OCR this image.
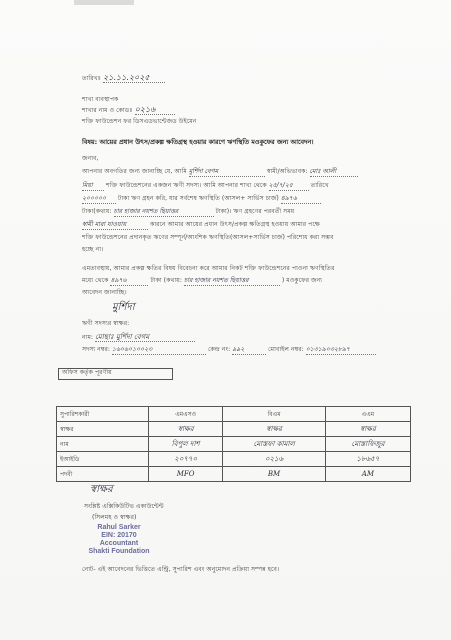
তারিখঃ ২১.১১.২০২৫
শাখা ব্যবস্থাপক
শাখার নাম ও কোডঃ ০২১৬
শক্তি ফাউন্ডেশন ফর ডিসএডভান্টেজড উইমেন
বিষয়: আয়ের প্রধান উৎস/প্রকল্প ক্ষতিগ্রস্থ হওয়ার কারণে ঋণস্থিতি মওকুফের জন্য আবেদন।
জনাব,
আপনার অবগতির জন্য জানাচ্ছি যে, আমি মুর্শিদা বেগম	স্বামী/অভিভাবক: মোঃ আলী
মিয়া শক্তি ফাউন্ডেশনের একজন ঋণী সদস্য। আমি আপনার শাখা থেকে ২৫/৭/২৫	তারিখে
২০০০০০ টাকা ঋণ গ্রহন করি, যার সর্বশেষ ঋণস্থিতি (আসল+ সার্ভিস চার্জ) ৪৯৭৬
টাকা(কথায়: চার হাজার নয়শত ছিয়াত্তর	টাকা)। ঋণ গ্রহণের পরবর্তী সময়
স্বামী মারা যাওয়ায়	কারনে আমার আয়ের প্রধান উৎস/প্রকল্প ক্ষতিগ্রস্থ হওয়ায় আমার পক্ষে
শক্তি ফাউন্ডেশনের প্রদানকৃত ঋণের সম্পূর্ন/আংশিক ঋণস্থিতি(আসল+সার্ভিস চার্জ) পরিশোধ করা সম্ভব
হচ্ছে না।
এমতাবস্থায়, আমার প্রকল্প ক্ষতির বিষয় বিবেচনা করে আমার নিকট শক্তি ফাউন্ডেশনের পাওনা ঋণস্থিতির
মধ্যে থেকে ৪৯৭৬	টাকা (কথায়: চার হাজার নয়শত ছিয়াত্তর	) মওকুফের জন্য
আবেদন জানাচ্ছি।
মুর্শিদা
ঋণী সদস্যর স্বাক্ষর:
নাম: মোছাঃ মুর্শিদা বেগম
সদস্য নম্বর: ১৬০৬০১০০২৩	কেন্দ্র নং: ৯৯২	মোবাইল নম্বর: ০১৩১৯০৩২৮৯৭
অফিস কর্তৃক পূরণীয়
সুপারিশকারী	এমএসও	বিএম	এএম
স্বাক্ষর	স্বাক্ষর	স্বাক্ষর	স্বাক্ষর
নাম	বিপুল দাশ	মোস্তফা কামাল	মোস্তাফিজুর
ইআইডি	২০৭৭০	০২১৬	১৮৬৫৭
পদবী	MFO	BM	AM
স্বাক্ষর
সংশ্লিষ্ট এক্সিকিউটিভ একাউন্টেন্ট
(সিলমহ ও স্বাক্ষর)
Rahul Sarker
EIN: 20170
Accountant
Shakti Foundation
নোট- এই আবেদনের ভিত্তিতে এন্ট্রি, সুপারিশ এবং অনুমোদন প্রক্রিয়া সম্পন্ন হবে।
